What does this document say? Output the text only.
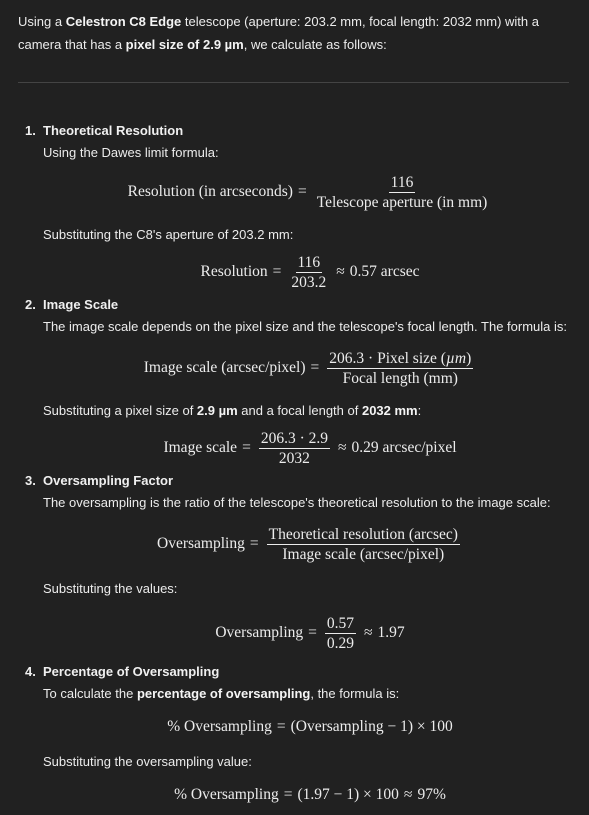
Using a Celestron C8 Edge telescope (aperture: 203.2 mm, focal length: 2032 mm) with a camera that has a pixel size of 2.9 µm, we calculate as follows:

1. Theoretical Resolution
Using the Dawes limit formula:
Resolution (in arcseconds) = $\frac{116}{\text{Telescope aperture (in mm)}}$
Substituting the C8's aperture of 203.2 mm:
Resolution = $\frac{116}{203.2} \approx 0.57$ arcsec
2. Image Scale
The image scale depends on the pixel size and the telescope's focal length. The formula is:
Image scale (arcsec/pixel) = $\frac{\text{206.3 · Pixel size (µm)}}{\text{Focal length (mm)}}$
Substituting a pixel size of 2.9 µm and a focal length of 2032 mm:
Image scale = $\frac{206.3 \cdot 2.9}{2032} \approx 0.29$ arcsec/pixel
3. Oversampling Factor
The oversampling is the ratio of the telescope's theoretical resolution to the image scale:
Oversampling = $\frac{\text{Theoretical resolution (arcsec)}}{\text{Image scale (arcsec/pixel)}}$
Substituting the values:
Oversampling = $\frac{0.57}{0.29} \approx 1.97$
4. Percentage of Oversampling
To calculate the percentage of oversampling, the formula is:
% Oversampling = (Oversampling − 1) × 100
Substituting the oversampling value:
% Oversampling = (1.97 − 1) × 100 ≈ 97%
